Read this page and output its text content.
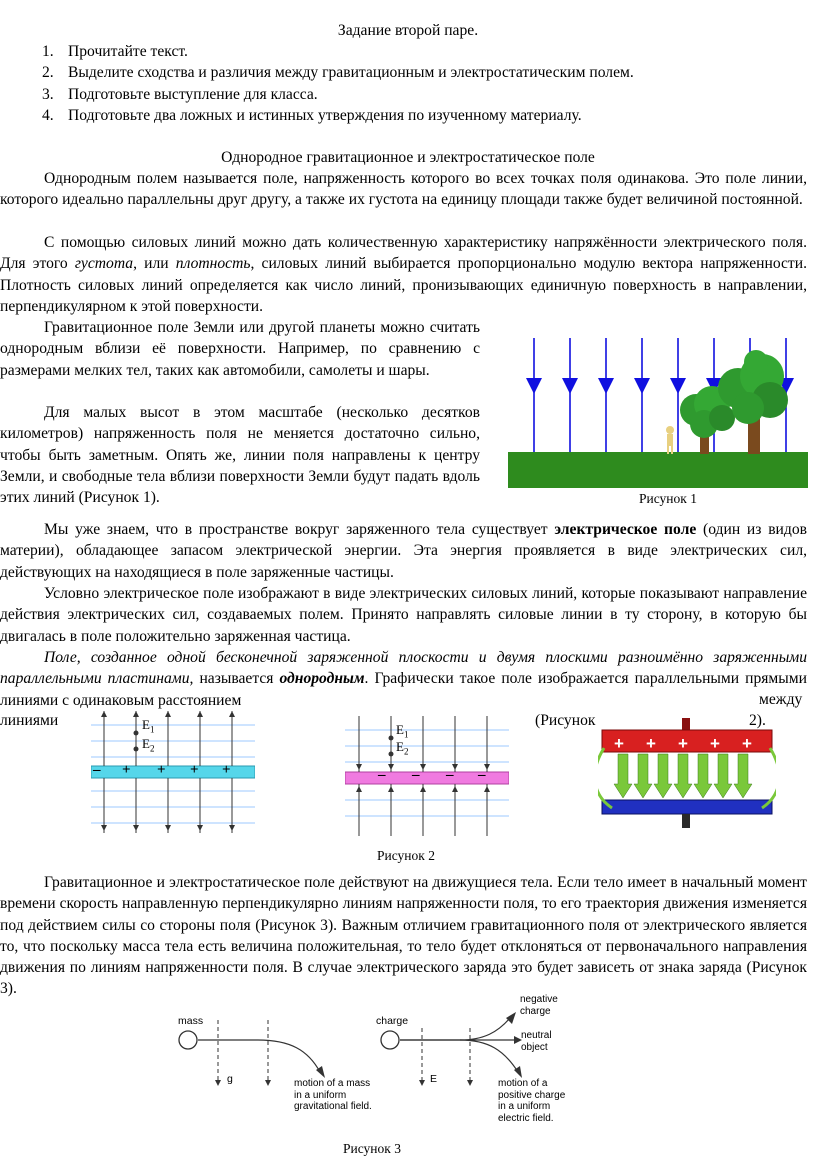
Задание второй паре.
1. Прочитайте текст.
2. Выделите сходства и различия между гравитационным и электростатическим полем.
3. Подготовьте выступление для класса.
4. Подготовьте два ложных и истинных утверждения по изученному материалу.
Однородное гравитационное и электростатическое поле

Однородным полем называется поле, напряженность которого во всех точках поля одинакова. Это поле линии, которого идеально параллельны друг другу, а также их густота на единицу площади также будет величиной постоянной.

С помощью силовых линий можно дать количественную характеристику напряжённости электрического поля. Для этого густота, или плотность, силовых линий выбирается пропорционально модулю вектора напряженности. Плотность силовых линий определяется как число линий, пронизывающих единичную поверхность в направлении, перпендикулярном к этой поверхности.

Гравитационное поле Земли или другой планеты можно считать однородным вблизи её поверхности. Например, по сравнению с размерами мелких тел, таких как автомобили, самолеты и шары.

Для малых высот в этом масштабе (несколько десятков километров) напряженность поля не меняется достаточно сильно, чтобы быть заметным. Опять же, линии поля направлены к центру Земли, и свободные тела вблизи поверхности Земли будут падать вдоль этих линий (Рисунок 1).	Рисунок 1

Мы уже знаем, что в пространстве вокруг заряженного тела существует электрическое поле (один из видов материи), обладающее запасом электрической энергии. Эта энергия проявляется в виде электрических сил, действующих на находящиеся в поле заряженные частицы.

Условно электрическое поле изображают в виде электрических силовых линий, которые показывают направление действия электрических сил, создаваемых полем. Принято направлять силовые линии в ту сторону, в которую бы двигалась в поле положительно заряженная частица.

Поле, созданное одной бесконечной заряженной плоскости и двумя плоскими разноимённо заряженными параллельными пластинами, называется однородным. Графически такое поле изображается параллельными прямыми линиями с одинаковым расстоянием	между
линиями	(Рисунок	2).
$E_1$
$E_2$
+ + + +
–
$E_1$
$E_2$
– – – –
+ + + + +
Рисунок 2

Гравитационное и электростатическое поле действуют на движущиеся тела. Если тело имеет в начальный момент времени скорость направленную перпендикулярно линиям напряженности поля, то его траектория движения изменяется под действием силы со стороны поля (Рисунок 3). Важным отличием гравитационного поля от электрического является то, что поскольку масса тела есть величина положительная, то тело будет отклоняться от первоначального направления движения по линиям напряженности поля. В случае электрического заряда это будет зависеть от знака заряда (Рисунок 3).

mass
g	motion of a mass
in a uniform
gravitational field.
charge
E
negative
charge
neutral
object
motion of a
positive charge
in a uniform
electric field.
Рисунок 3
